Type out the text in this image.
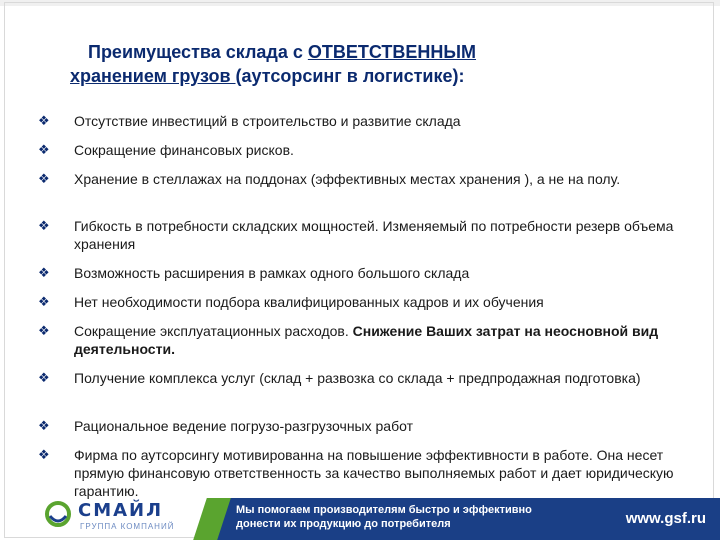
Преимущества склада с ОТВЕТСТВЕННЫМ
хранением грузов (аутсорсинг в логистике):
❖	Отсутствие инвестиций в строительство и развитие склада
❖	Сокращение финансовых рисков.
❖	Хранение в стеллажах на поддонах (эффективных местах хранения ), а не на полу.
❖	Гибкость в потребности складских мощностей. Изменяемый по потребности резерв объема хранения
❖	Возможность расширения в рамках одного большого склада
❖	Нет необходимости подбора квалифицированных кадров и их обучения
❖	Сокращение эксплуатационных расходов. Снижение Ваших затрат на неосновной вид деятельности.
❖	Получение комплекса услуг (склад + развозка со склада + предпродажная подготовка)
❖	Рациональное ведение погрузо-разгрузочных работ
❖	Фирма по аутсорсингу мотивированна на повышение эффективности в работе. Она несет прямую финансовую ответственность за качество выполняемых работ и дает юридическую гарантию.
СМАЙЛ
ГРУППА КОМПАНИЙ
Мы помогаем производителям быстро и эффективно
донести их продукцию до потребителя	www.gsf.ru
